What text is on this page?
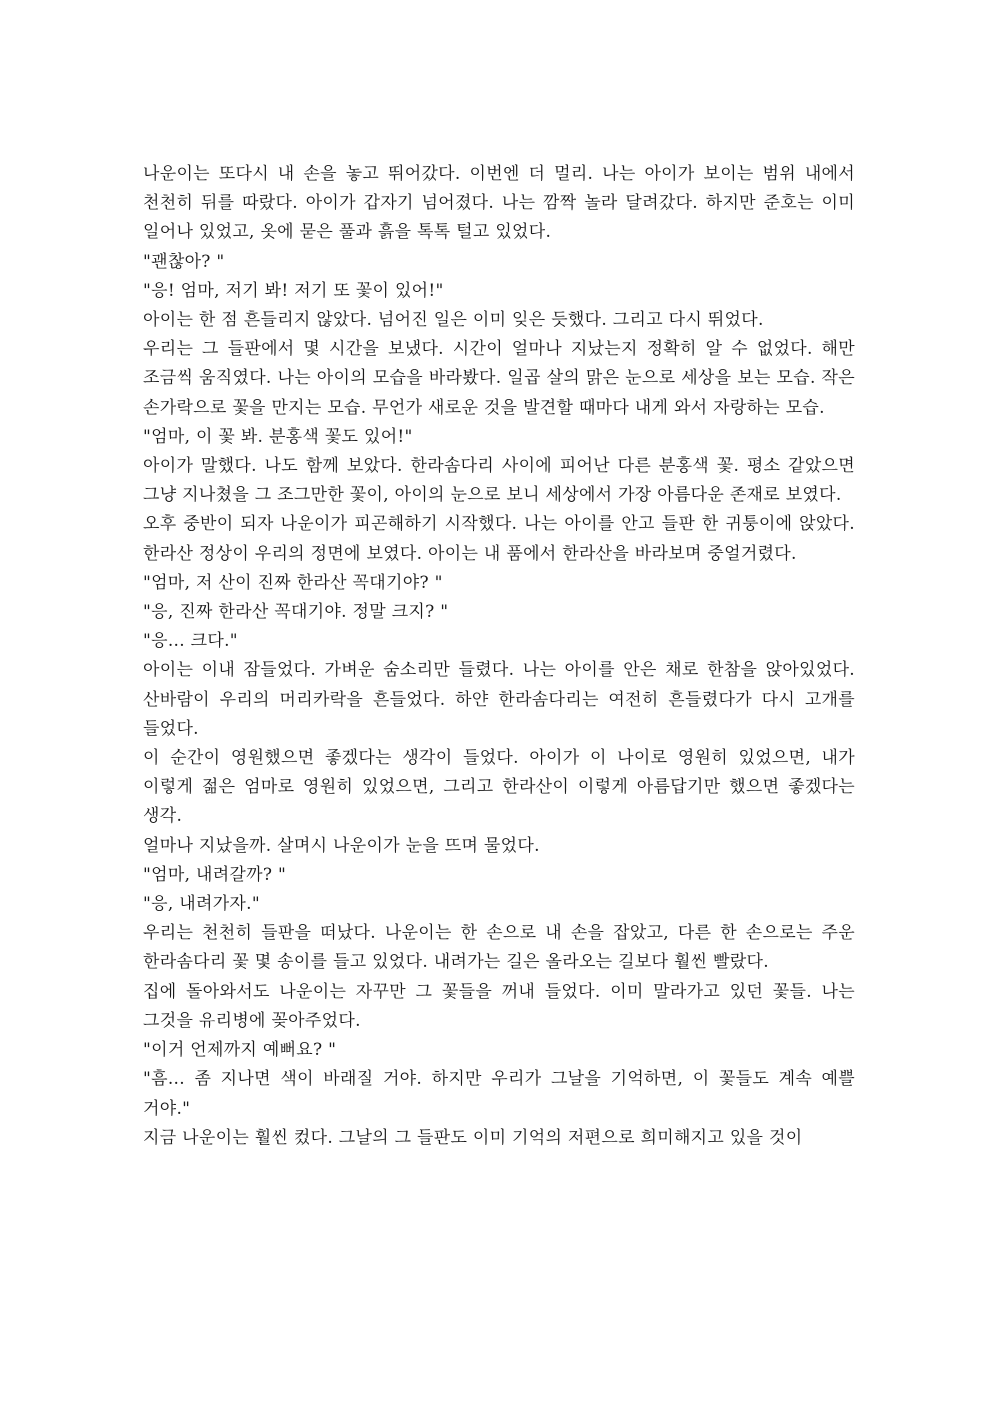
나운이는 또다시 내 손을 놓고 뛰어갔다. 이번엔 더 멀리. 나는 아이가 보이는 범위 내에서 천천히 뒤를 따랐다. 아이가 갑자기 넘어졌다. 나는 깜짝 놀라 달려갔다. 하지만 준호는 이미 일어나 있었고, 옷에 묻은 풀과 흙을 톡톡 털고 있었다.

"괜찮아? "

"응! 엄마, 저기 봐! 저기 또 꽃이 있어!"

아이는 한 점 흔들리지 않았다. 넘어진 일은 이미 잊은 듯했다. 그리고 다시 뛰었다.

우리는 그 들판에서 몇 시간을 보냈다. 시간이 얼마나 지났는지 정확히 알 수 없었다. 해만 조금씩 움직였다. 나는 아이의 모습을 바라봤다. 일곱 살의 맑은 눈으로 세상을 보는 모습. 작은 손가락으로 꽃을 만지는 모습. 무언가 새로운 것을 발견할 때마다 내게 와서 자랑하는 모습.

"엄마, 이 꽃 봐. 분홍색 꽃도 있어!"

아이가 말했다. 나도 함께 보았다. 한라솜다리 사이에 피어난 다른 분홍색 꽃. 평소 같았으면 그냥 지나쳤을 그 조그만한 꽃이, 아이의 눈으로 보니 세상에서 가장 아름다운 존재로 보였다.

오후 중반이 되자 나운이가 피곤해하기 시작했다. 나는 아이를 안고 들판 한 귀퉁이에 앉았다. 한라산 정상이 우리의 정면에 보였다. 아이는 내 품에서 한라산을 바라보며 중얼거렸다.

"엄마, 저 산이 진짜 한라산 꼭대기야? "

"응, 진짜 한라산 꼭대기야. 정말 크지? "

"응... 크다."

아이는 이내 잠들었다. 가벼운 숨소리만 들렸다. 나는 아이를 안은 채로 한참을 앉아있었다. 산바람이 우리의 머리카락을 흔들었다. 하얀 한라솜다리는 여전히 흔들렸다가 다시 고개를 들었다.

이 순간이 영원했으면 좋겠다는 생각이 들었다. 아이가 이 나이로 영원히 있었으면, 내가 이렇게 젊은 엄마로 영원히 있었으면, 그리고 한라산이 이렇게 아름답기만 했으면 좋겠다는 생각.

얼마나 지났을까. 살며시 나운이가 눈을 뜨며 물었다.

"엄마, 내려갈까? "

"응, 내려가자."

우리는 천천히 들판을 떠났다. 나운이는 한 손으로 내 손을 잡았고, 다른 한 손으로는 주운 한라솜다리 꽃 몇 송이를 들고 있었다. 내려가는 길은 올라오는 길보다 훨씬 빨랐다.

집에 돌아와서도 나운이는 자꾸만 그 꽃들을 꺼내 들었다. 이미 말라가고 있던 꽃들. 나는 그것을 유리병에 꽂아주었다.

"이거 언제까지 예뻐요? "

"흠... 좀 지나면 색이 바래질 거야. 하지만 우리가 그날을 기억하면, 이 꽃들도 계속 예쁠 거야."

지금 나운이는 훨씬 컸다. 그날의 그 들판도 이미 기억의 저편으로 희미해지고 있을 것이
